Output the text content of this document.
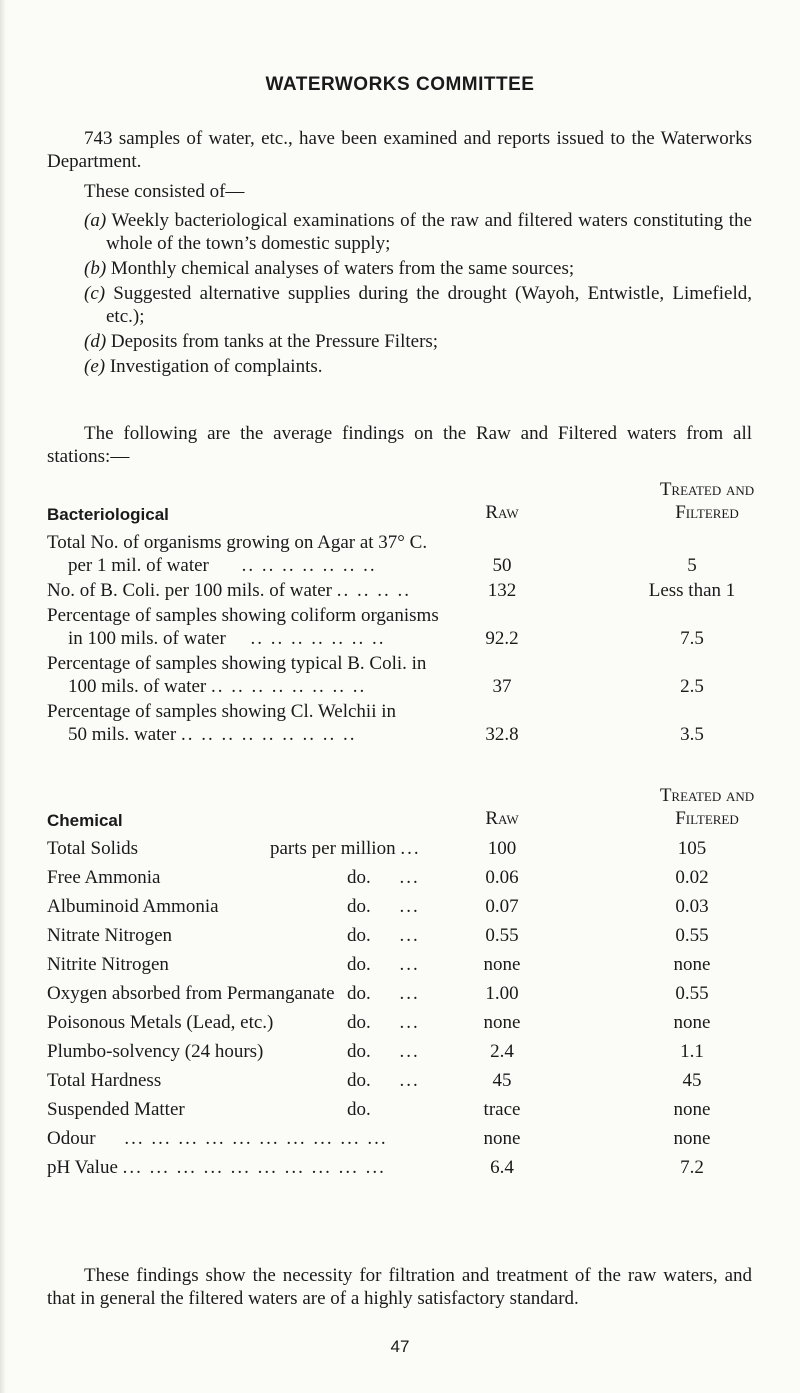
WATERWORKS COMMITTEE
743 samples of water, etc., have been examined and reports issued to the Waterworks Department.
These consisted of—
(a) Weekly bacteriological examinations of the raw and filtered waters constituting the whole of the town’s domestic supply;
(b) Monthly chemical analyses of waters from the same sources;
(c) Suggested alternative supplies during the drought (Wayoh, Entwistle, Limefield, etc.);
(d) Deposits from tanks at the Pressure Filters;
(e) Investigation of complaints.
The following are the average findings on the Raw and Filtered waters from all stations:—
Treated and
Bacteriological	Raw	Filtered
Total No. of organisms growing on Agar at 37° C.
per 1 mil. of water .. .. .. .. .. .. ..	50	5
No. of B. Coli. per 100 mils. of water .. .. .. ..	132	Less than 1
Percentage of samples showing coliform organisms
in 100 mils. of water .. .. .. .. .. .. ..	92.2	7.5
Percentage of samples showing typical B. Coli. in
100 mils. of water .. .. .. .. .. .. .. ..	37	2.5
Percentage of samples showing Cl. Welchii in
50 mils. water .. .. .. .. .. .. .. .. ..	32.8	3.5
Treated and
Chemical	Raw	Filtered
Total Solids	parts per million ...	100	105
Free Ammonia	do. ...	0.06	0.02
Albuminoid Ammonia	do. ...	0.07	0.03
Nitrate Nitrogen	do. ...	0.55	0.55
Nitrite Nitrogen	do. ...	none	none
Oxygen absorbed from Permanganate do. ...	1.00	0.55
Poisonous Metals (Lead, etc.)	do. ...	none	none
Plumbo-solvency (24 hours)	do. ...	2.4	1.1
Total Hardness	do. ...	45	45
Suspended Matter	do.	trace	none
Odour ... ... ... ... ... ... ... ... ... ...	none	none
pH Value ... ... ... ... ... ... ... ... ... ...	6.4	7.2
These findings show the necessity for filtration and treatment of the raw waters, and that in general the filtered waters are of a highly satisfactory standard.
47
